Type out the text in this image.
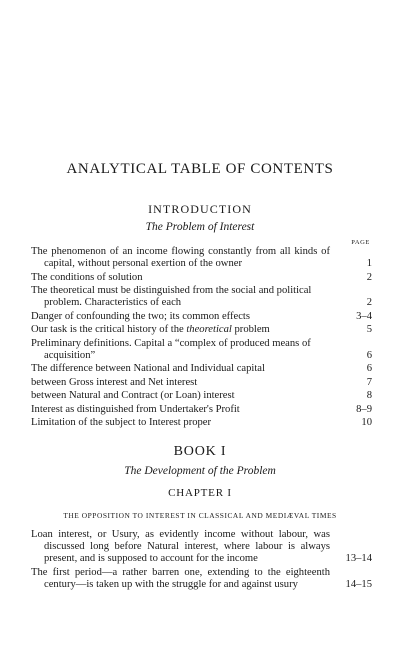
ANALYTICAL TABLE OF CONTENTS
INTRODUCTION
The Problem of Interest
PAGE
The phenomenon of an income flowing constantly from all kinds of capital, without personal exertion of the owner	1
The conditions of solution	2
The theoretical must be distinguished from the social and political problem. Characteristics of each	2
Danger of confounding the two; its common effects	3–4
Our task is the critical history of the theoretical problem	5
Preliminary definitions. Capital a “complex of produced means of acquisition”	6
The difference between National and Individual capital	6
between Gross interest and Net interest	7
between Natural and Contract (or Loan) interest	8
Interest as distinguished from Undertaker's Profit	8–9
Limitation of the subject to Interest proper	10
BOOK I
The Development of the Problem
CHAPTER I
THE OPPOSITION TO INTEREST IN CLASSICAL AND MEDIÆVAL TIMES
Loan interest, or Usury, as evidently income without labour, was discussed long before Natural interest, where labour is always present, and is supposed to account for the income	13–14
The first period—a rather barren one, extending to the eighteenth century—is taken up with the struggle for and against usury	14–15
